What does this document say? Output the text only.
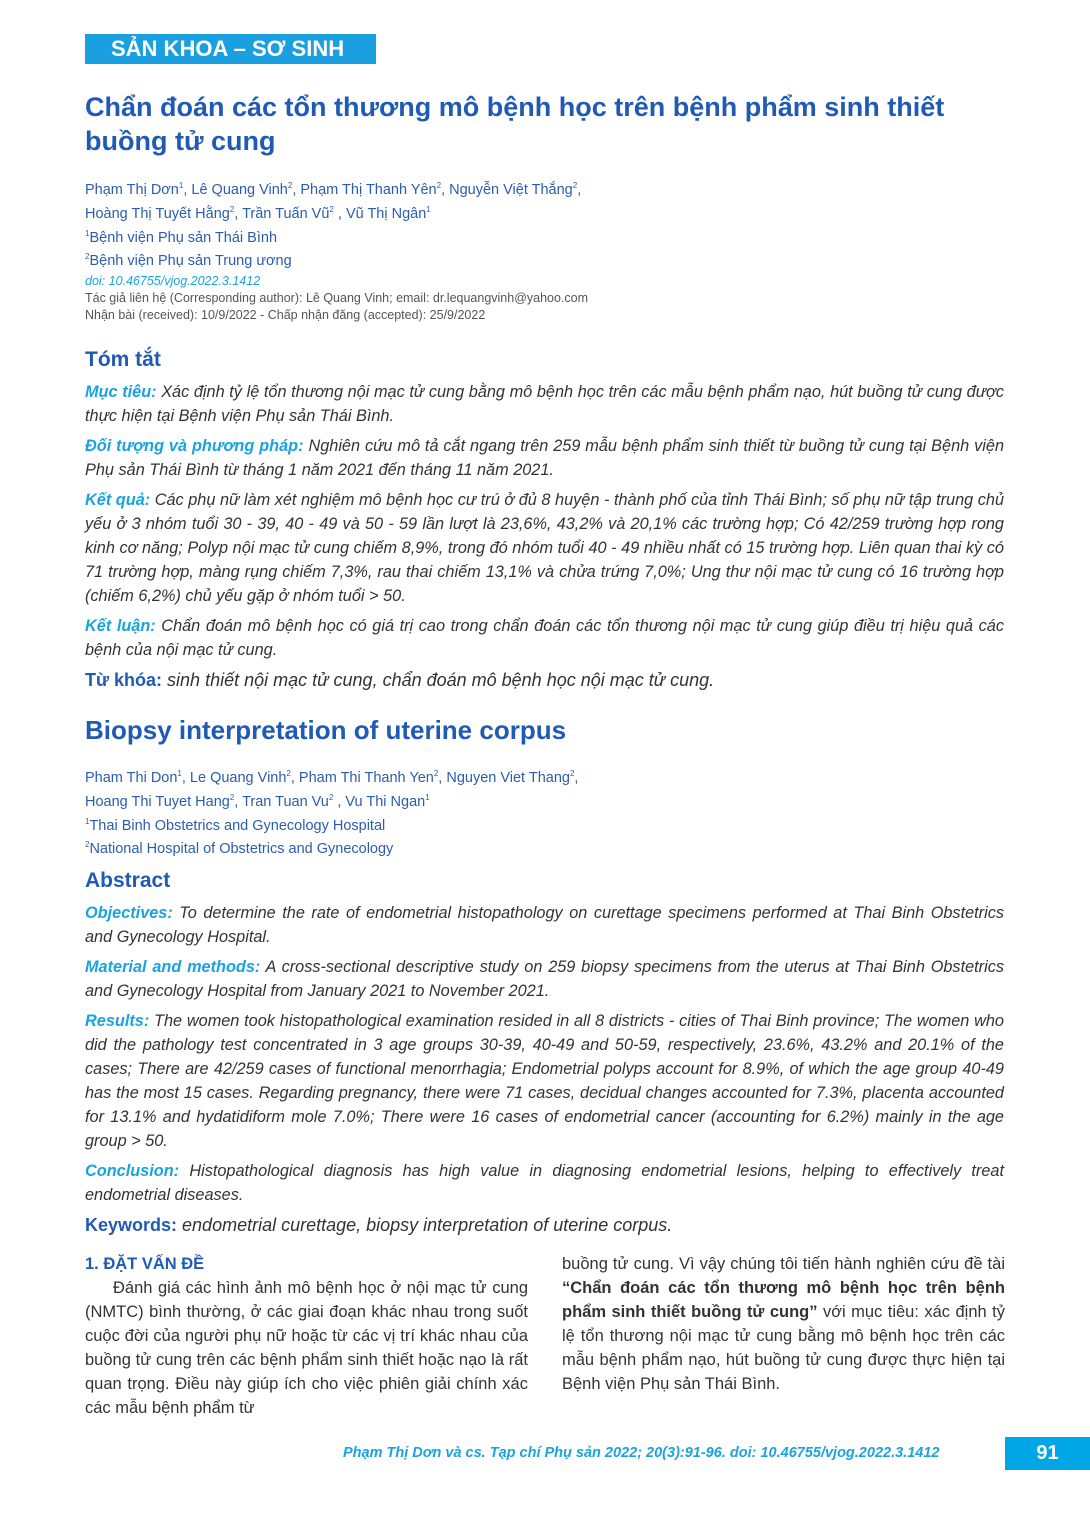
SẢN KHOA – SƠ SINH
Chẩn đoán các tổn thương mô bệnh học trên bệnh phẩm sinh thiết buồng tử cung
Phạm Thị Dơn$^1$, Lê Quang Vinh$^2$, Phạm Thị Thanh Yên$^2$, Nguyễn Việt Thắng$^2$,
Hoàng Thị Tuyết Hằng$^2$, Trần Tuấn $Vũ^2$ , Vũ Thị Ngân$^1$
$^1$Bệnh viện Phụ sản Thái Bình
$^2$Bệnh viện Phụ sản Trung ương
doi: 10.46755/vjog.2022.3.1412
Tác giả liên hệ (Corresponding author): Lê Quang Vinh; email: dr.lequangvinh@yahoo.com
Nhận bài (received): 10/9/2022 - Chấp nhận đăng (accepted): 25/9/2022
Tóm tắt

Mục tiêu: Xác định tỷ lệ tổn thương nội mạc tử cung bằng mô bệnh học trên các mẫu bệnh phẩm nạo, hút buồng tử cung được thực hiện tại Bệnh viện Phụ sản Thái Bình.

Đối tượng và phương pháp: Nghiên cứu mô tả cắt ngang trên 259 mẫu bệnh phẩm sinh thiết từ buồng tử cung tại Bệnh viện Phụ sản Thái Bình từ tháng 1 năm 2021 đến tháng 11 năm 2021.

Kết quả: Các phụ nữ làm xét nghiệm mô bệnh học cư trú ở đủ 8 huyện - thành phố của tỉnh Thái Bình; số phụ nữ tập trung chủ yếu ở 3 nhóm tuổi 30 - 39, 40 - 49 và 50 - 59 lần lượt là 23,6%, 43,2% và 20,1% các trường hợp; Có 42/259 trường hợp rong kinh cơ năng; Polyp nội mạc tử cung chiếm 8,9%, trong đó nhóm tuổi 40 - 49 nhiều nhất có 15 trường hợp. Liên quan thai kỳ có 71 trường hợp, màng rụng chiếm 7,3%, rau thai chiếm 13,1% và chửa trứng 7,0%; Ung thư nội mạc tử cung có 16 trường hợp (chiếm 6,2%) chủ yếu gặp ở nhóm tuổi > 50.

Kết luận: Chẩn đoán mô bệnh học có giá trị cao trong chẩn đoán các tổn thương nội mạc tử cung giúp điều trị hiệu quả các bệnh của nội mạc tử cung.

Từ khóa: sinh thiết nội mạc tử cung, chẩn đoán mô bệnh học nội mạc tử cung.
Biopsy interpretation of uterine corpus
Pham Thi Don$^1$, Le Quang Vinh$^2$, Pham Thi Thanh Yen$^2$, Nguyen Viet Thang$^2$,
Hoang Thi Tuyet Hang$^2$, Tran Tuan Vu$^2$ , Vu Thi Ngan$^1$
$^1$Thai Binh Obstetrics and Gynecology Hospital
$^2$National Hospital of Obstetrics and Gynecology
Abstract

Objectives: To determine the rate of endometrial histopathology on curettage specimens performed at Thai Binh Obstetrics and Gynecology Hospital.

Material and methods: A cross-sectional descriptive study on 259 biopsy specimens from the uterus at Thai Binh Obstetrics and Gynecology Hospital from January 2021 to November 2021.

Results: The women took histopathological examination resided in all 8 districts - cities of Thai Binh province; The women who did the pathology test concentrated in 3 age groups 30-39, 40-49 and 50-59, respectively, 23.6%, 43.2% and 20.1% of the cases; There are 42/259 cases of functional menorrhagia; Endometrial polyps account for 8.9%, of which the age group 40-49 has the most 15 cases. Regarding pregnancy, there were 71 cases, decidual changes accounted for 7.3%, placenta accounted for 13.1% and hydatidiform mole 7.0%; There were 16 cases of endometrial cancer (accounting for 6.2%) mainly in the age group > 50.

Conclusion: Histopathological diagnosis has high value in diagnosing endometrial lesions, helping to effectively treat endometrial diseases.

Keywords: endometrial curettage, biopsy interpretation of uterine corpus.
1. ĐẶT VẤN ĐỀ
Đánh giá các hình ảnh mô bệnh học ở nội mạc tử cung (NMTC) bình thường, ở các giai đoạn khác nhau trong suốt cuộc đời của người phụ nữ hoặc từ các vị trí khác nhau của buồng tử cung trên các bệnh phẩm sinh thiết hoặc nạo là rất quan trọng. Điều này giúp ích cho việc phiên giải chính xác các mẫu bệnh phẩm từ
buồng tử cung. Vì vậy chúng tôi tiến hành nghiên cứu đề tài “Chẩn đoán các tổn thương mô bệnh học trên bệnh phẩm sinh thiết buồng tử cung” với mục tiêu: xác định tỷ lệ tổn thương nội mạc tử cung bằng mô bệnh học trên các mẫu bệnh phẩm nạo, hút buồng tử cung được thực hiện tại Bệnh viện Phụ sản Thái Bình.
Phạm Thị Dơn và cs. Tạp chí Phụ sản 2022; 20(3):91-96. doi: 10.46755/vjog.2022.3.1412	91
